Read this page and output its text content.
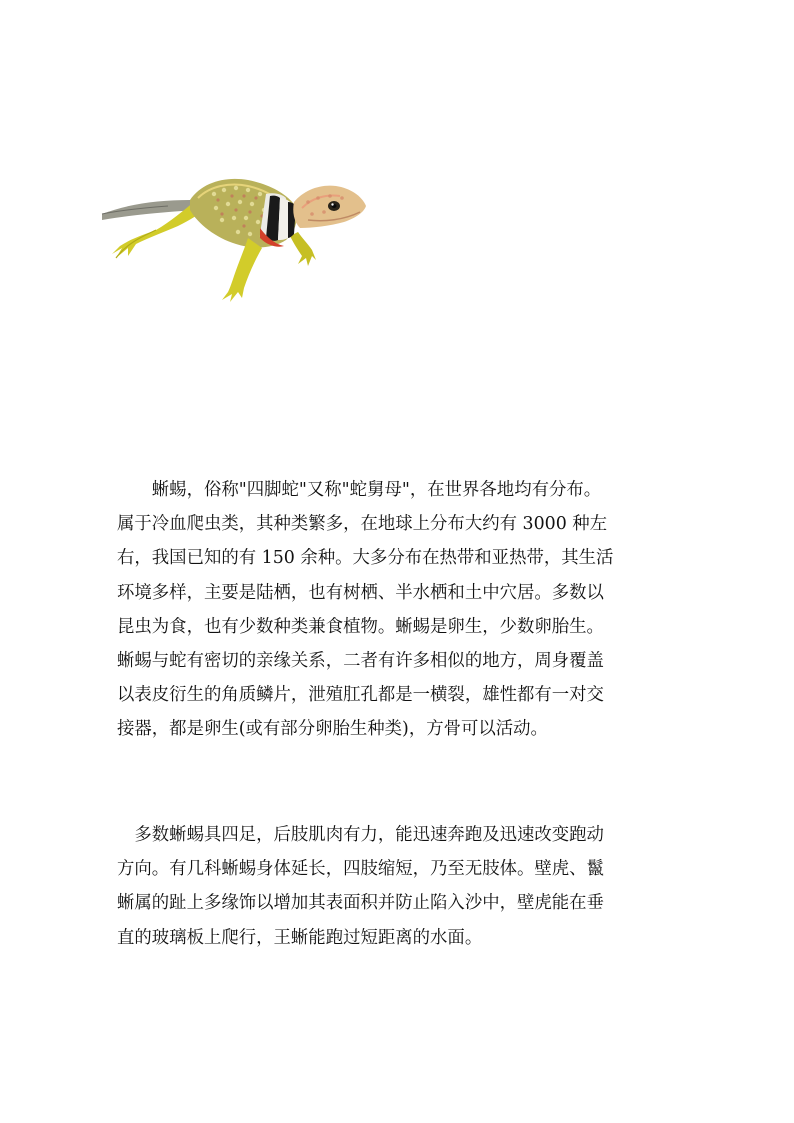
　　蜥蜴，俗称"四脚蛇"又称"蛇舅母"，在世界各地均有分布。
属于冷血爬虫类，其种类繁多，在地球上分布大约有 3000 种左
右，我国已知的有 150 余种。大多分布在热带和亚热带，其生活
环境多样，主要是陆栖，也有树栖、半水栖和土中穴居。多数以
昆虫为食，也有少数种类兼食植物。蜥蜴是卵生，少数卵胎生。
蜥蜴与蛇有密切的亲缘关系，二者有许多相似的地方，周身覆盖
以表皮衍生的角质鳞片，泄殖肛孔都是一横裂，雄性都有一对交
接器，都是卵生(或有部分卵胎生种类)，方骨可以活动。
　多数蜥蜴具四足，后肢肌肉有力，能迅速奔跑及迅速改变跑动
方向。有几科蜥蜴身体延长，四肢缩短，乃至无肢体。壁虎、鬣
蜥属的趾上多缘饰以增加其表面积并防止陷入沙中，壁虎能在垂
直的玻璃板上爬行，王蜥能跑过短距离的水面。
